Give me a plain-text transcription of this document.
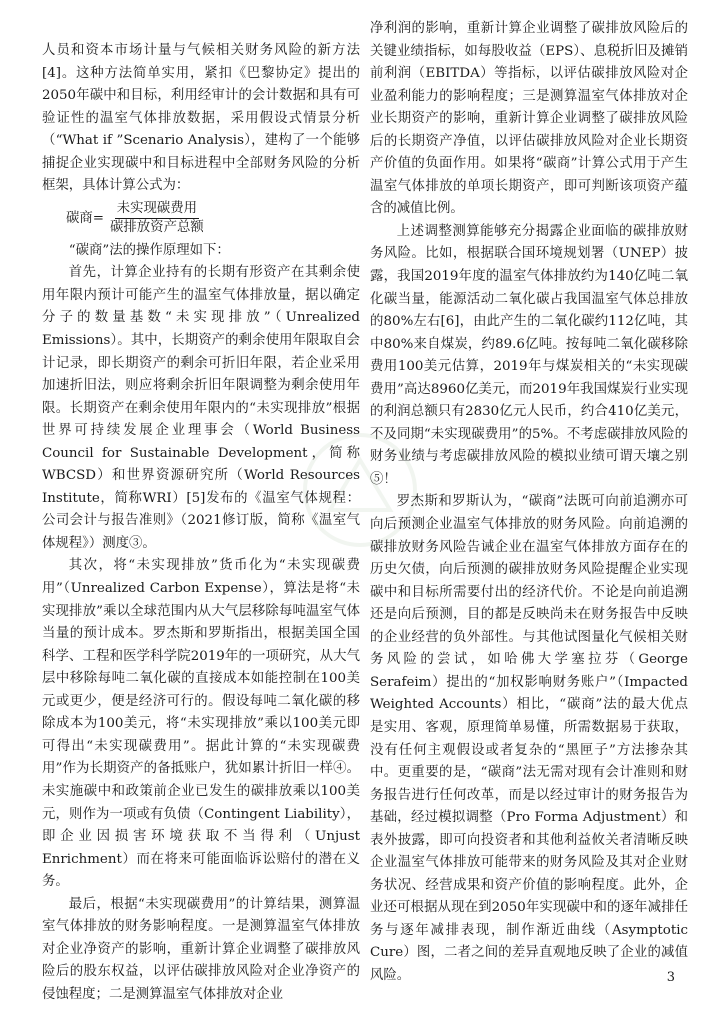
人员和资本市场计量与气候相关财务风险的新方法[4]。这种方法简单实用，紧扣《巴黎协定》提出的2050年碳中和目标，利用经审计的会计数据和具有可验证性的温室气体排放数据，采用假设式情景分析（“What if ”Scenario Analysis），建构了一个能够捕捉企业实现碳中和目标进程中全部财务风险的分析框架，具体计算公式为：

碳商= $\frac{\text{未实现碳费用}}{\text{碳排放资产总额}}$

“碳商”法的操作原理如下：

首先，计算企业持有的长期有形资产在其剩余使用年限内预计可能产生的温室气体排放量，据以确定分子的数量基数“未实现排放”（Unrealized Emissions）。其中，长期资产的剩余使用年限取自会计记录，即长期资产的剩余可折旧年限，若企业采用加速折旧法，则应将剩余折旧年限调整为剩余使用年限。长期资产在剩余使用年限内的“未实现排放”根据世界可持续发展企业理事会（World Business Council for Sustainable Development，简称WBCSD）和世界资源研究所（World Resources Institute，简称WRI）[5]发布的《温室气体规程：公司会计与报告准则》（2021修订版，简称《温室气体规程》）测度③。

其次，将“未实现排放”货币化为“未实现碳费用”（Unrealized Carbon Expense），算法是将“未实现排放”乘以全球范围内从大气层移除每吨温室气体当量的预计成本。罗杰斯和罗斯指出，根据美国全国科学、工程和医学科学院2019年的一项研究，从大气层中移除每吨二氧化碳的直接成本如能控制在100美元或更少，便是经济可行的。假设每吨二氧化碳的移除成本为100美元，将“未实现排放”乘以100美元即可得出“未实现碳费用”。据此计算的“未实现碳费用”作为长期资产的备抵账户，犹如累计折旧一样④。未实施碳中和政策前企业已发生的碳排放乘以100美元，则作为一项或有负债（Contingent Liability），即企业因损害环境获取不当得利（Unjust Enrichment）而在将来可能面临诉讼赔付的潜在义务。

最后，根据“未实现碳费用”的计算结果，测算温室气体排放的财务影响程度。一是测算温室气体排放对企业净资产的影响，重新计算企业调整了碳排放风险后的股东权益，以评估碳排放风险对企业净资产的侵蚀程度；二是测算温室气体排放对企业

净利润的影响，重新计算企业调整了碳排放风险后的关键业绩指标，如每股收益（EPS）、息税折旧及摊销前利润（EBITDA）等指标，以评估碳排放风险对企业盈利能力的影响程度；三是测算温室气体排放对企业长期资产的影响，重新计算企业调整了碳排放风险后的长期资产净值，以评估碳排放风险对企业长期资产价值的负面作用。如果将“碳商”计算公式用于产生温室气体排放的单项长期资产，即可判断该项资产蕴含的减值比例。

上述调整测算能够充分揭露企业面临的碳排放财务风险。比如，根据联合国环境规划署（UNEP）披露，我国2019年度的温室气体排放约为140亿吨二氧化碳当量，能源活动二氧化碳占我国温室气体总排放的80%左右[6]，由此产生的二氧化碳约112亿吨，其中80%来自煤炭，约89.6亿吨。按每吨二氧化碳移除费用100美元估算，2019年与煤炭相关的“未实现碳费用”高达8960亿美元，而2019年我国煤炭行业实现的利润总额只有2830亿元人民币，约合410亿美元，不及同期“未实现碳费用”的5%。不考虑碳排放风险的财务业绩与考虑碳排放风险的模拟业绩可谓天壤之别⑤！

罗杰斯和罗斯认为，“碳商”法既可向前追溯亦可向后预测企业温室气体排放的财务风险。向前追溯的碳排放财务风险告诫企业在温室气体排放方面存在的历史欠债，向后预测的碳排放财务风险提醒企业实现碳中和目标所需要付出的经济代价。不论是向前追溯还是向后预测，目的都是反映尚未在财务报告中反映的企业经营的负外部性。与其他试图量化气候相关财务风险的尝试，如哈佛大学塞拉芬（George Serafeim）提出的“加权影响财务账户”（Impacted Weighted Accounts）相比，“碳商”法的最大优点是实用、客观，原理简单易懂，所需数据易于获取，没有任何主观假设或者复杂的“黑匣子”方法掺杂其中。更重要的是，“碳商”法无需对现有会计准则和财务报告进行任何改革，而是以经过审计的财务报告为基础，经过模拟调整（Pro Forma Adjustment）和表外披露，即可向投资者和其他利益攸关者清晰反映企业温室气体排放可能带来的财务风险及其对企业财务状况、经营成果和资产价值的影响程度。此外，企业还可根据从现在到2050年实现碳中和的逐年减排任务与逐年减排表现，制作渐近曲线（Asymptotic Cure）图，二者之间的差异直观地反映了企业的减值风险。	3
